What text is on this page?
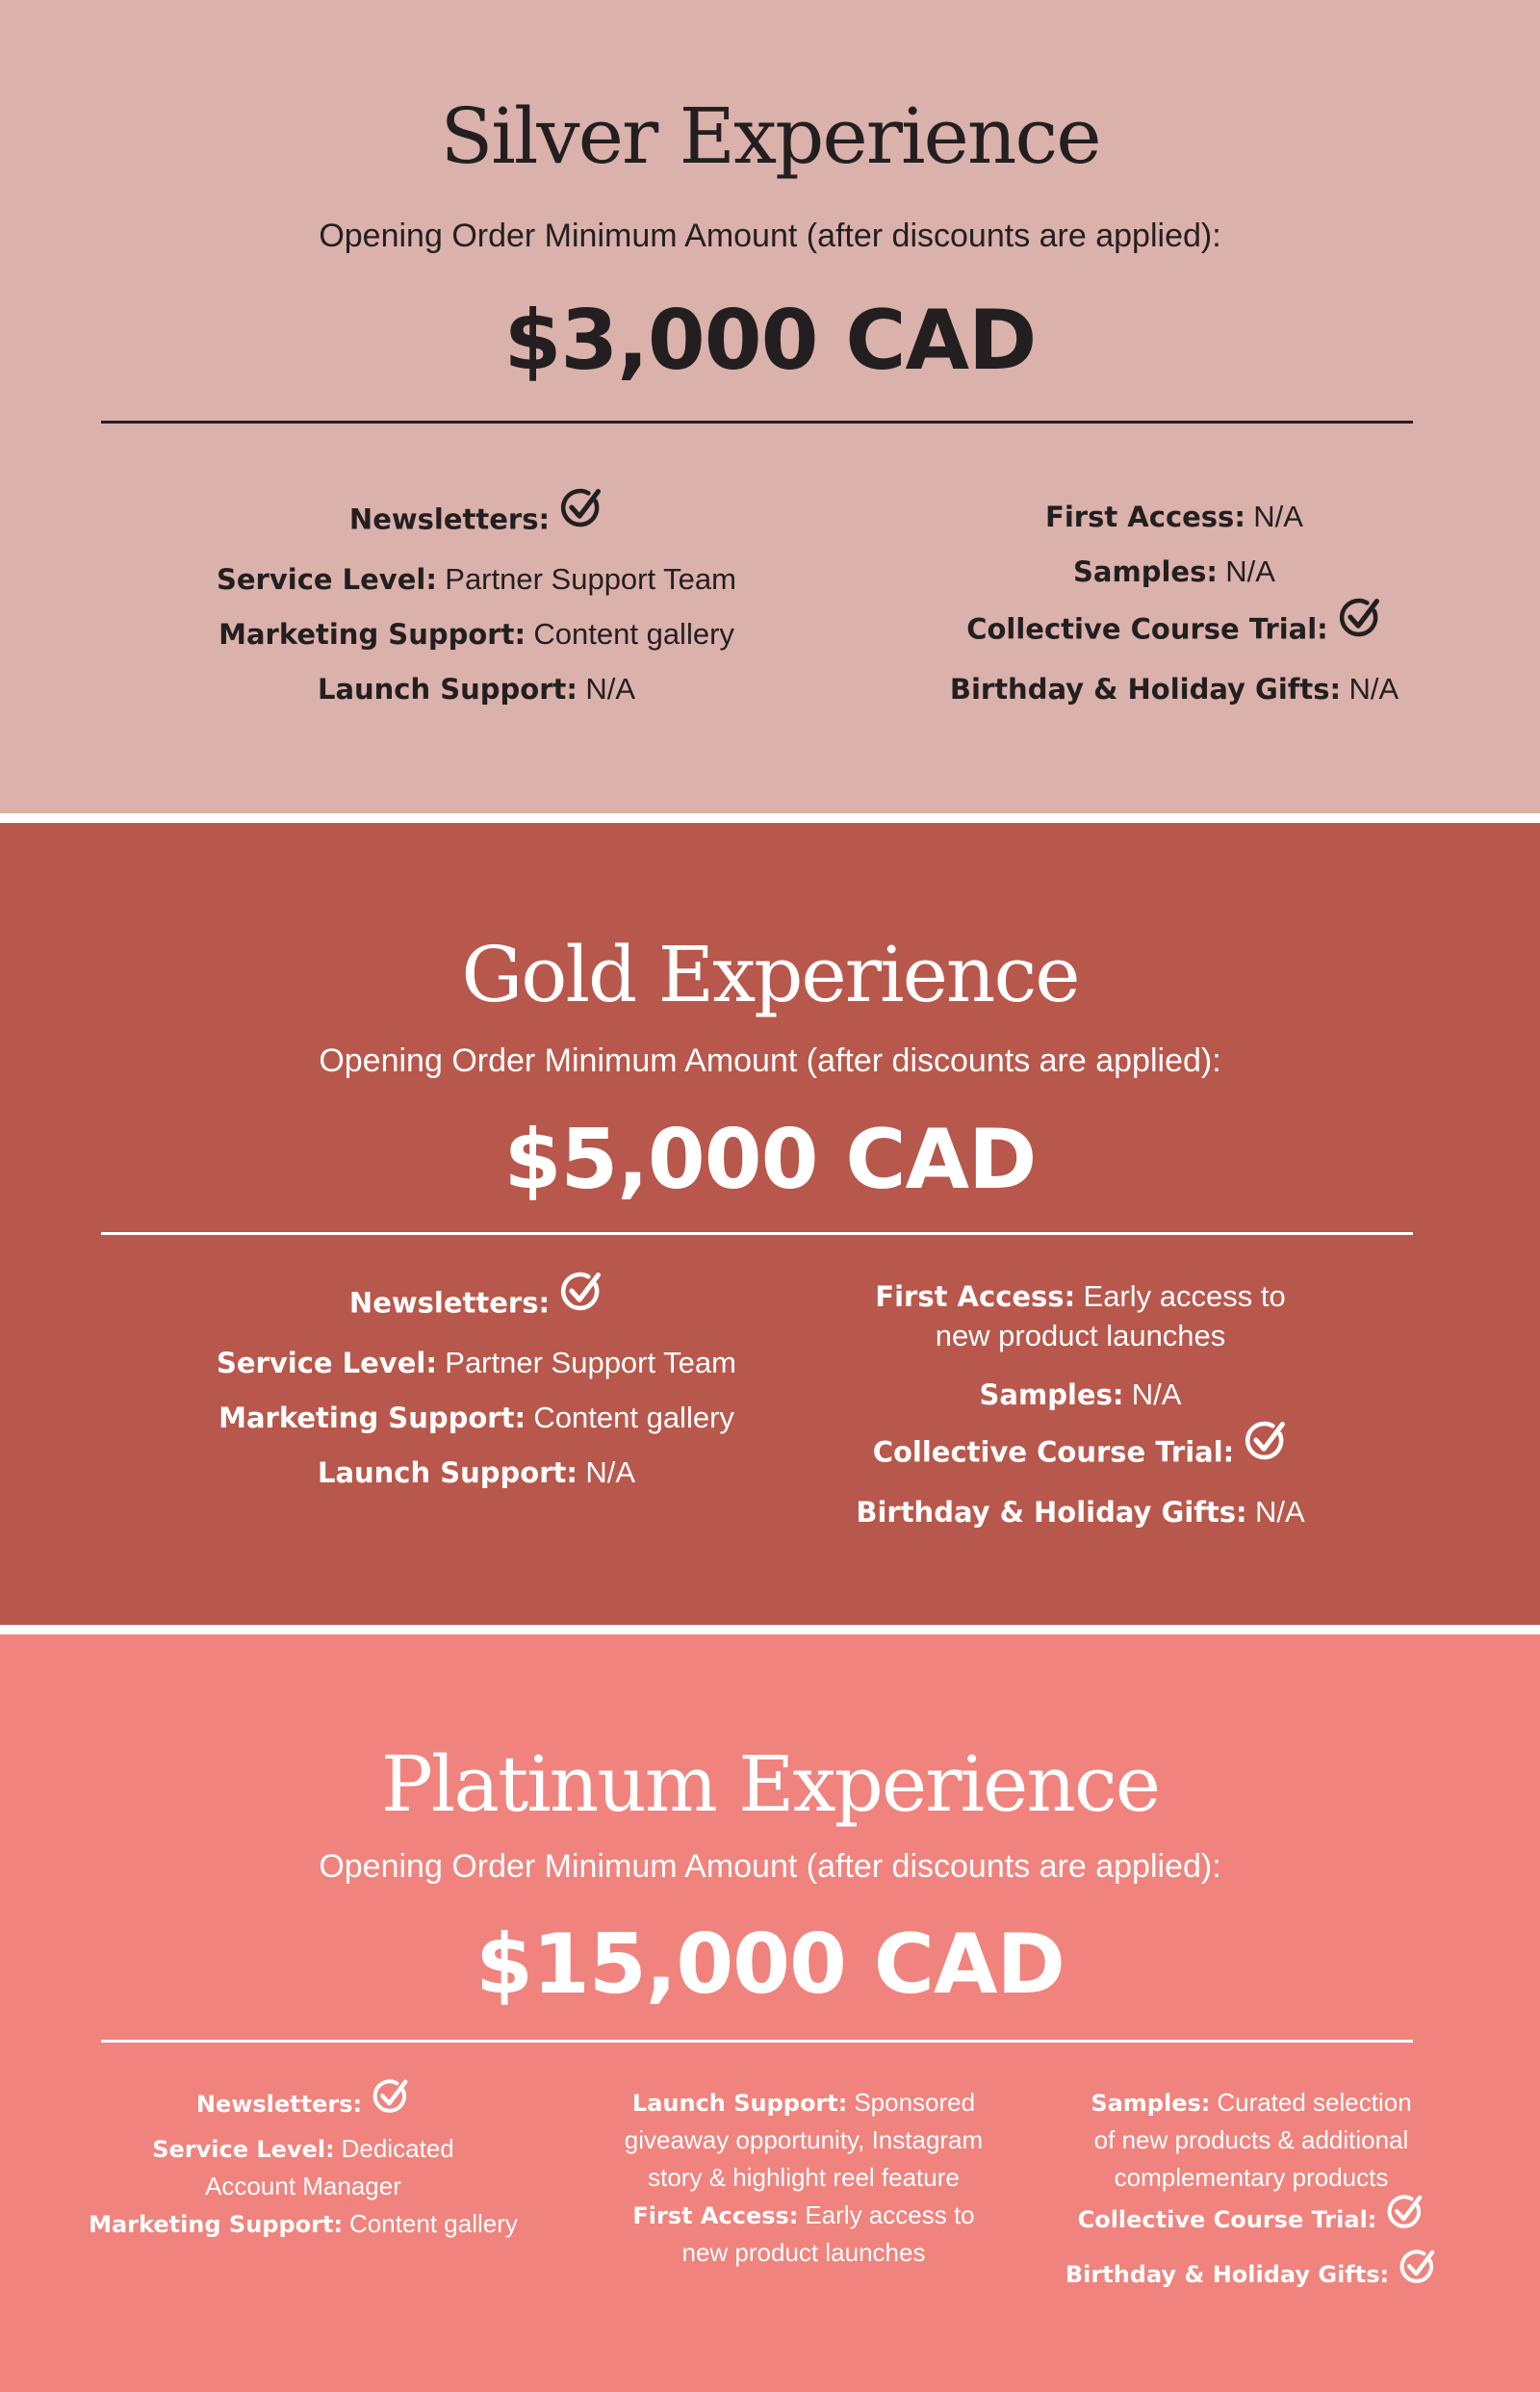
Silver Experience
Opening Order Minimum Amount (after discounts are applied):
$3,000 CAD
Newsletters:
Service Level: Partner Support Team
Marketing Support: Content gallery
Launch Support: N/A
First Access: N/A
Samples: N/A
Collective Course Trial:
Birthday & Holiday Gifts: N/A
Gold Experience
Opening Order Minimum Amount (after discounts are applied):
$5,000 CAD
Newsletters:
Service Level: Partner Support Team
Marketing Support: Content gallery
Launch Support: N/A
First Access: Early access to
new product launches
Samples: N/A
Collective Course Trial:
Birthday & Holiday Gifts: N/A
Platinum Experience
Opening Order Minimum Amount (after discounts are applied):
$15,000 CAD
Newsletters:
Service Level: Dedicated
Account Manager
Marketing Support: Content gallery
Launch Support: Sponsored
giveaway opportunity, Instagram
story & highlight reel feature
First Access: Early access to
new product launches
Samples: Curated selection
of new products & additional
complementary products
Collective Course Trial:
Birthday & Holiday Gifts:
